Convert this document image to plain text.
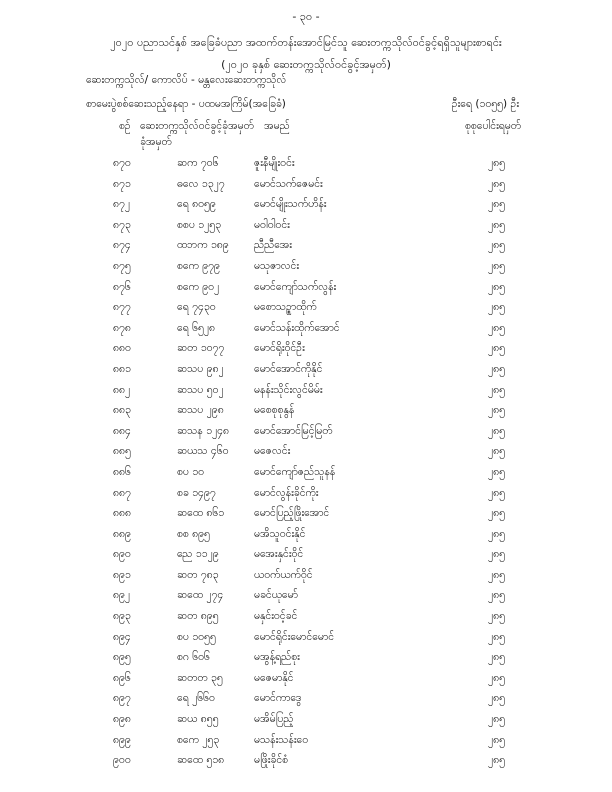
- ၃၀ -
၂၀၂၀ ပညာသင်နှစ် အခြေခံပညာ အထက်တန်းအောင်မြင်သူ ဆေးတက္ကသိုလ်ဝင်ခွင့်ရရှိသူများစာရင်း
(၂၀၂၀ ခုနှစ် ဆေးတက္ကသိုလ်ဝင်ခွင့်အမှတ်)
ဆေးတက္ကသိုလ်/ ကောလိပ် - မန္တလေးဆေးတက္ကသိုလ်
စာမေးပွဲစစ်ဆေးသည့်နေရာ - ပထမအကြိမ်(အခြေခံ)	ဦးရေ (၁၀၅၅) ဦး
စဉ် ဆေးတက္ကသိုလ်ဝင်ခွင့်ခုံအမှတ်
ခုံအမှတ်
အမည်	စုစုပေါင်းရမှတ်
၈၇၀	ဆက ၇၀၆	ဇူးနီမျိုးဝင်း	၂၈၅
၈၇၁	ဓလေ ၁၃၂၇	မောင်သက်ဇေမင်း	၂၈၅
၈၇၂	ရေ ၈၀၅၉	မောင်မျိုးသက်ဟိန်း	၂၈၅
၈၇၃	စစပ ၁၂၅၃	မဝါဝါဝင်း	၂၈၅
၈၇၄	ထဘက ၁၈၉ ညီညီအေး	၂၈၅
၈၇၅	စကေ ၉၇၉	မသုဇာလင်း	၂၈၅
၈၇၆	စကေ ၉၀၂	မောင်ကျော်သက်လွန်း	၂၈၅
၈၇၇	ရေ ၇၄၃၀	မစောသဉ္စာထိုက်	၂၈၅
၈၇၈	ရေ ၆၅၂၈	မောင်သန်းထိုက်အောင်	၂၈၅
၈၈၀	ဆတ ၁၀၇၇	မောင်ရိုးဝိုင်ဦး	၂၈၅
၈၈၁	ဆသပ ၉၈၂	မောင်အောင်ကိုနိုင်	၂၈၅
၈၈၂	ဆသပ ၅၀၂	မနန်းသိုင်းလွင်မိမ်း	၂၈၅
၈၈၃	ဆသပ ၂၉၈	မစေစုစုနွန်	၂၈၅
၈၈၄	ဆသန ၁၂၄၈ မောင်အောင်မြင့်မြတ်	၂၈၅
၈၈၅	ဆယသ ၄၆၀ မဇေလင်း	၂၈၅
၈၈၆	စပ ၁၀	မောင်ကျော်ဇည်သူနန်	၂၈၅
၈၈၇	စခ ၁၄၉၇	မောင်လွန်းခိုင်ကိုး	၂၈၅
၈၈၈	ဆထေ ၈၆၁	မောင်ပြည့်ဖြိုးအောင်	၂၈၅
၈၈၉	စစ ၈၉၅	မအိသူဝင်းနိုင်	၂၈၅
၈၉၀	ညေ ၁၁၂၉	မအေးနှင်းဝိုင်	၂၈၅
၈၉၁	ဆတ ၇၈၃	ယဝက်ယက်ဝိုင်	၂၈၅
၈၉၂	ဆထေ ၂၇၄	မခင်ယုမော်	၂၈၅
၈၉၃	ဆတ ၈၉၅	မနှင်းဝင့်ခင်	၂၈၅
၈၉၄	စပ ၁၀၅၅	မောင်ရိုင်းမောင်မောင်	၂၈၅
၈၉၅	စဂ ၆၀၆	မအွန့်ရည်စုး	၂၈၅
၈၉၆	ဆတတ ၃၅	မဇေမာနိုင်	၂၈၅
၈၉၇	ရေ ၂၆၆၀	မောင်ကာဒွေ	၂၈၅
၈၉၈	ဆယ ၈၅၅	မအိမ်ပြည့်	၂၈၅
၈၉၉	စကေ ၂၅၃	မသန်းသန်းဝေ	၂၈၅
၉၀၀	ဆထေ ၅၁၈	မဖြိုးခိုင်စံ	၂၈၅
